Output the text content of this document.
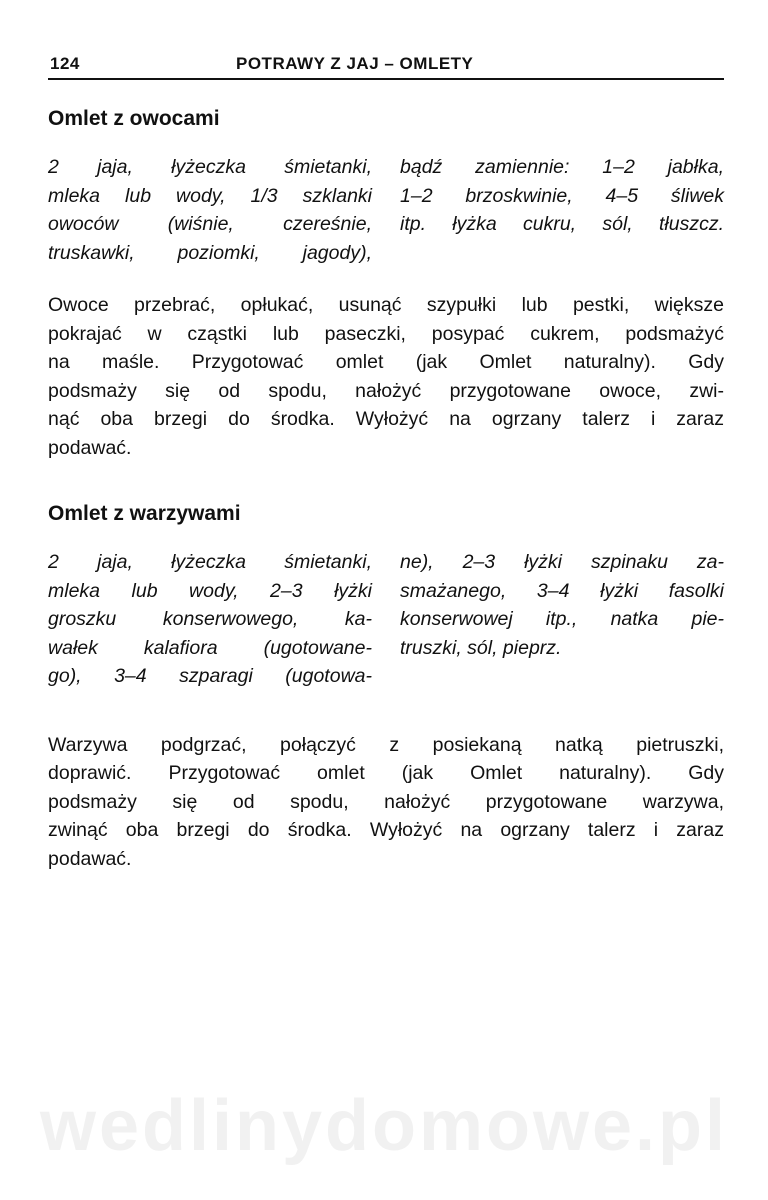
wedlinydomowe.pl
124	POTRAWY Z JAJ – OMLETY
Omlet z owocami
2 jaja, łyżeczka śmietanki,
mleka lub wody, 1/3 szklanki
owoców (wiśnie, czereśnie,
truskawki, poziomki, jagody),
bądź zamiennie: 1–2 jabłka,
1–2 brzoskwinie, 4–5 śliwek
itp. łyżka cukru, sól, tłuszcz.
Owoce przebrać, opłukać, usunąć szypułki lub pestki, większe
pokrajać w cząstki lub paseczki, posypać cukrem, podsmażyć
na maśle. Przygotować omlet (jak Omlet naturalny). Gdy
podsmaży się od spodu, nałożyć przygotowane owoce, zwi-
nąć oba brzegi do środka. Wyłożyć na ogrzany talerz i zaraz
podawać.
Omlet z warzywami
2 jaja, łyżeczka śmietanki,
mleka lub wody, 2–3 łyżki
groszku konserwowego, ka-
wałek kalafiora (ugotowane-
go), 3–4 szparagi (ugotowa-
ne), 2–3 łyżki szpinaku za-
smażanego, 3–4 łyżki fasolki
konserwowej itp., natka pie-
truszki, sól, pieprz.
Warzywa podgrzać, połączyć z posiekaną natką pietruszki,
doprawić. Przygotować omlet (jak Omlet naturalny). Gdy
podsmaży się od spodu, nałożyć przygotowane warzywa,
zwinąć oba brzegi do środka. Wyłożyć na ogrzany talerz i zaraz
podawać.
